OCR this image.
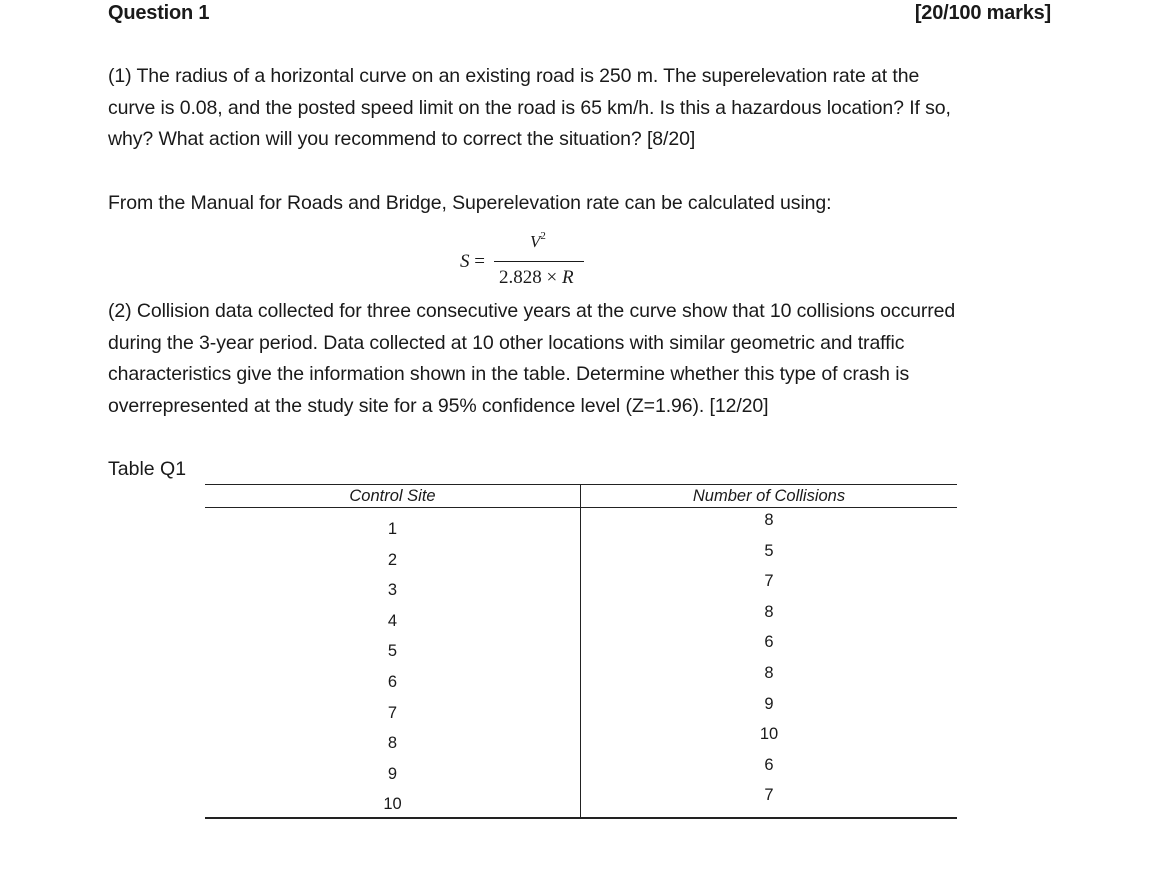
Question 1	[20/100 marks]
(1) The radius of a horizontal curve on an existing road is 250 m. The superelevation rate at the
curve is 0.08, and the posted speed limit on the road is 65 km/h. Is this a hazardous location? If so,
why? What action will you recommend to correct the situation? [8/20]
From the Manual for Roads and Bridge, Superelevation rate can be calculated using:
S =
$V^2$
2.828 × R
(2) Collision data collected for three consecutive years at the curve show that 10 collisions occurred
during the 3-year period. Data collected at 10 other locations with similar geometric and traffic
characteristics give the information shown in the table. Determine whether this type of crash is
overrepresented at the study site for a 95% confidence level (Z=1.96). [12/20]
Table Q1
Control Site	Number of Collisions
1
2
3
4
5
6
7
8
9
10
8
5
7
8
6
8
9
10
6
7
